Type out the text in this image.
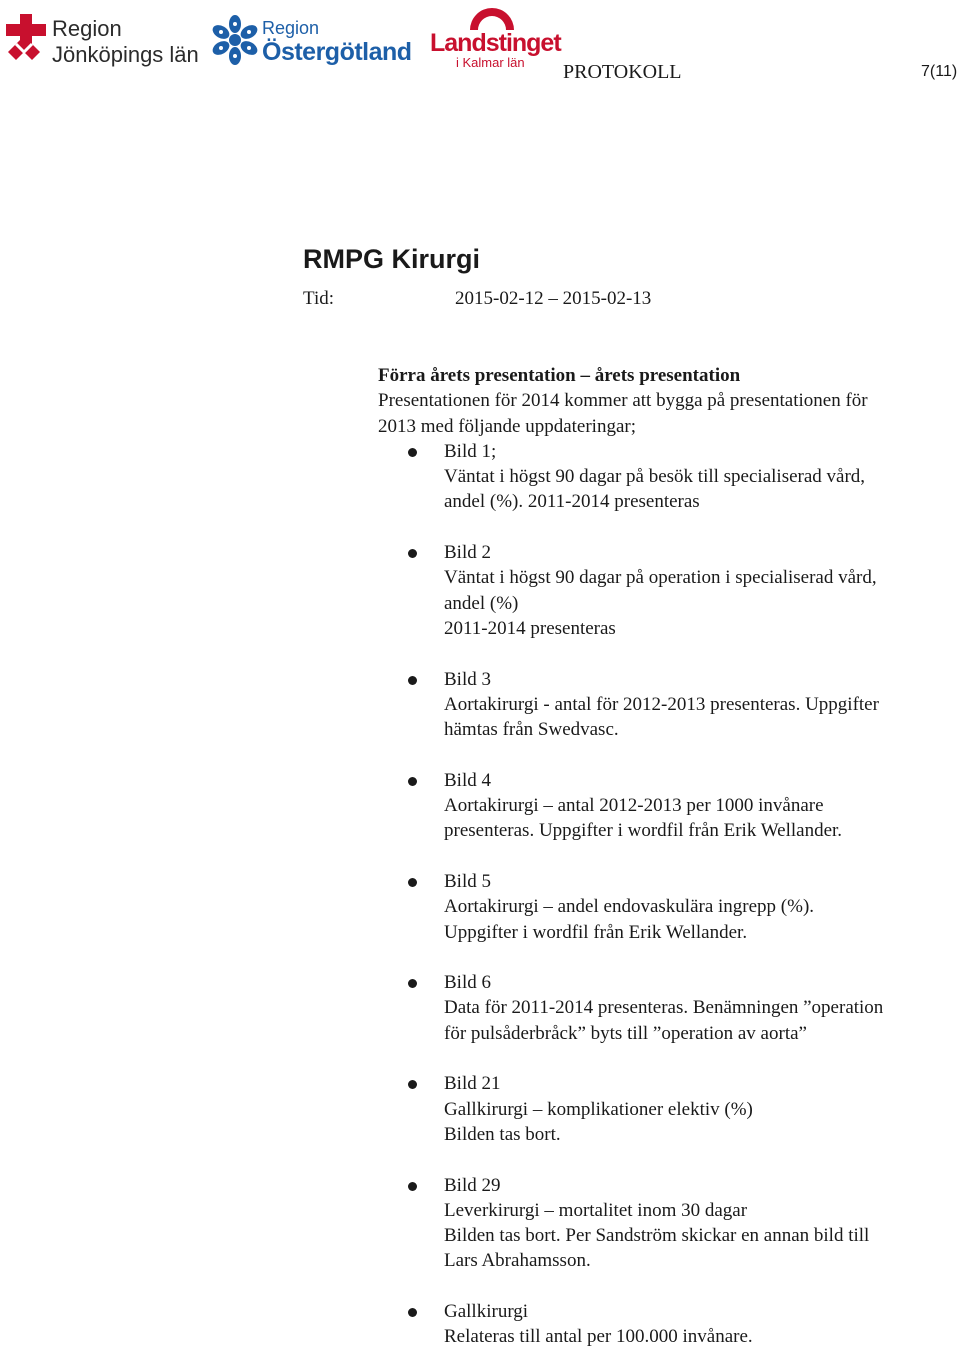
Region
Jönköpings län
Region
Östergötland Landstinget
i Kalmar län PROTOKOLL	7(11)
RMPG Kirurgi
Tid:	2015-02-12 – 2015-02-13

Förra årets presentation – årets presentation

Presentationen för 2014 kommer att bygga på presentationen för
2013 med följande uppdateringar;

Bild 1;
Väntat i högst 90 dagar på besök till specialiserad vård,
andel (%). 2011-2014 presenteras
Bild 2
Väntat i högst 90 dagar på operation i specialiserad vård,
andel (%)
2011-2014 presenteras
Bild 3
Aortakirurgi - antal för 2012-2013 presenteras. Uppgifter
hämtas från Swedvasc.
Bild 4
Aortakirurgi – antal 2012-2013 per 1000 invånare
presenteras. Uppgifter i wordfil från Erik Wellander.
Bild 5
Aortakirurgi – andel endovaskulära ingrepp (%).
Uppgifter i wordfil från Erik Wellander.
Bild 6
Data för 2011-2014 presenteras. Benämningen ”operation
för pulsåderbråck” byts till ”operation av aorta”
Bild 21
Gallkirurgi – komplikationer elektiv (%)
Bilden tas bort.
Bild 29
Leverkirurgi – mortalitet inom 30 dagar
Bilden tas bort. Per Sandström skickar en annan bild till
Lars Abrahamsson.
Gallkirurgi
Relateras till antal per 100.000 invånare.
